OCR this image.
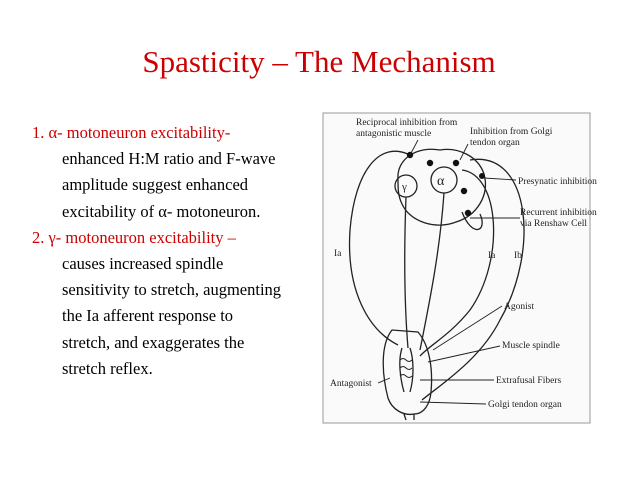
Spasticity – The Mechanism
1. α- motoneuron excitability-
enhanced H:M ratio and F-wave
amplitude suggest enhanced
excitability of α- motoneuron.
2. γ- motoneuron excitability –
causes increased spindle
sensitivity to stretch, augmenting
the Ia afferent response to
stretch, and exaggerates the
stretch reflex.
γ α
Reciprocal inhibition from
antagonistic muscle	Inhibition from Golgi
tendon organ
Presynatic inhibition
Recurrent inhibition
via Renshaw Cell
Ia	Ia Ib
Agonist
Muscle spindle
Extrafusal Fibers
Golgi tendon organ
Antagonist
